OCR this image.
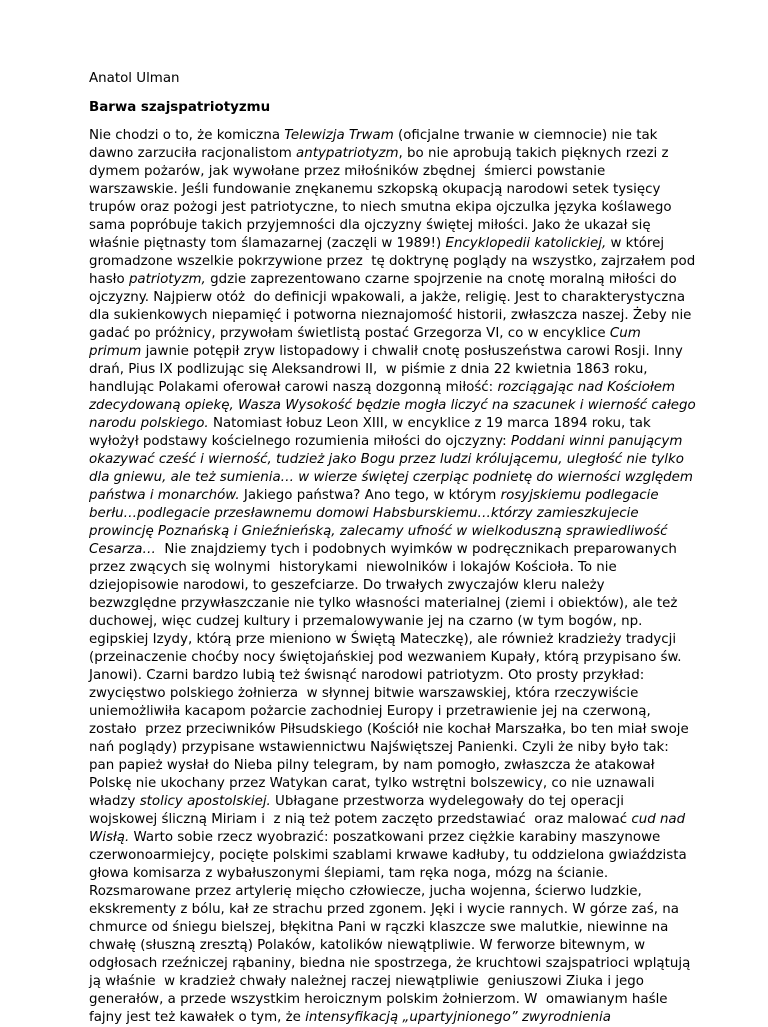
Anatol Ulman

Barwa szajspatriotyzmu

Nie chodzi o to, że komiczna Telewizja Trwam (oficjalne trwanie w ciemnocie) nie tak
dawno zarzuciła racjonalistom antypatriotyzm, bo nie aprobują takich pięknych rzezi z
dymem pożarów, jak wywołane przez miłośników zbędnej  śmierci powstanie
warszawskie. Jeśli fundowanie znękanemu szkopską okupacją narodowi setek tysięcy
trupów oraz pożogi jest patriotyczne, to niech smutna ekipa ojczulka języka koślawego
sama popróbuje takich przyjemności dla ojczyzny świętej miłości. Jako że ukazał się
właśnie piętnasty tom ślamazarnej (zaczęli w 1989!) Encyklopedii katolickiej, w której
gromadzone wszelkie pokrzywione przez  tę doktrynę poglądy na wszystko, zajrzałem pod
hasło patriotyzm, gdzie zaprezentowano czarne spojrzenie na cnotę moralną miłości do
ojczyzny. Najpierw otóż  do definicji wpakowali, a jakże, religię. Jest to charakterystyczna
dla sukienkowych niepamięć i potworna nieznajomość historii, zwłaszcza naszej. Żeby nie
gadać po próżnicy, przywołam świetlistą postać Grzegorza VI, co w encyklice Cum
primum jawnie potępił zryw listopadowy i chwalił cnotę posłuszeństwa carowi Rosji. Inny
drań, Pius IX podlizując się Aleksandrowi II,  w piśmie z dnia 22 kwietnia 1863 roku,
handlując Polakami oferował carowi naszą dozgonną miłość: rozciągając nad Kościołem
zdecydowaną opiekę, Wasza Wysokość będzie mogła liczyć na szacunek i wierność całego
narodu polskiego. Natomiast łobuz Leon XIII, w encyklice z 19 marca 1894 roku, tak
wyłożył podstawy kościelnego rozumienia miłości do ojczyzny: Poddani winni panującym
okazywać cześć i wierność, tudzież jako Bogu przez ludzi królującemu, uległość nie tylko
dla gniewu, ale też sumienia… w wierze świętej czerpiąc podnietę do wierności względem
państwa i monarchów. Jakiego państwa? Ano tego, w którym rosyjskiemu podlegacie
berłu…podlegacie przesławnemu domowi Habsburskiemu…którzy zamieszkujecie
prowincję Poznańską i Gnieźnieńską, zalecamy ufność w wielkoduszną sprawiedliwość
Cesarza…  Nie znajdziemy tych i podobnych wyimków w podręcznikach preparowanych
przez zwących się wolnymi  historykami  niewolników i lokajów Kościoła. To nie
dziejopisowie narodowi, to geszefciarze. Do trwałych zwyczajów kleru należy
bezwzględne przywłaszczanie nie tylko własności materialnej (ziemi i obiektów), ale też
duchowej, więc cudzej kultury i przemalowywanie jej na czarno (w tym bogów, np.
egipskiej Izydy, którą prze mieniono w Świętą Mateczkę), ale również kradzieży tradycji
(przeinaczenie choćby nocy świętojańskiej pod wezwaniem Kupały, którą przypisano św.
Janowi). Czarni bardzo lubią też świsnąć narodowi patriotyzm. Oto prosty przykład:
zwycięstwo polskiego żołnierza  w słynnej bitwie warszawskiej, która rzeczywiście
uniemożliwiła kacapom pożarcie zachodniej Europy i przetrawienie jej na czerwoną,
zostało  przez przeciwników Piłsudskiego (Kościół nie kochał Marszałka, bo ten miał swoje
nań poglądy) przypisane wstawiennictwu Najświętszej Panienki. Czyli że niby było tak:
pan papież wysłał do Nieba pilny telegram, by nam pomogło, zwłaszcza że atakował
Polskę nie ukochany przez Watykan carat, tylko wstrętni bolszewicy, co nie uznawali
władzy stolicy apostolskiej. Ubłagane przestworza wydelegowały do tej operacji
wojskowej śliczną Miriam i  z nią też potem zaczęto przedstawiać  oraz malować cud nad
Wisłą. Warto sobie rzecz wyobrazić: poszatkowani przez ciężkie karabiny maszynowe
czerwonoarmiejcy, pocięte polskimi szablami krwawe kadłuby, tu oddzielona gwiaździsta
głowa komisarza z wybałuszonymi ślepiami, tam ręka noga, mózg na ścianie.
Rozsmarowane przez artylerię mięcho człowiecze, jucha wojenna, ścierwo ludzkie,
ekskrementy z bólu, kał ze strachu przed zgonem. Jęki i wycie rannych. W górze zaś, na
chmurce od śniegu bielszej, błękitna Pani w rączki klaszcze swe malutkie, niewinne na
chwałę (słuszną zresztą) Polaków, katolików niewątpliwie. W ferworze bitewnym, w
odgłosach rzeźniczej rąbaniny, biedna nie spostrzega, że kruchtowi szajspatrioci wplątują
ją właśnie  w kradzież chwały należnej raczej niewątpliwie  geniuszowi Ziuka i jego
generałów, a przede wszystkim heroicznym polskim żołnierzom. W  omawianym haśle
fajny jest też kawałek o tym, że intensyfikacją „upartyjnionego” zwyrodnienia
